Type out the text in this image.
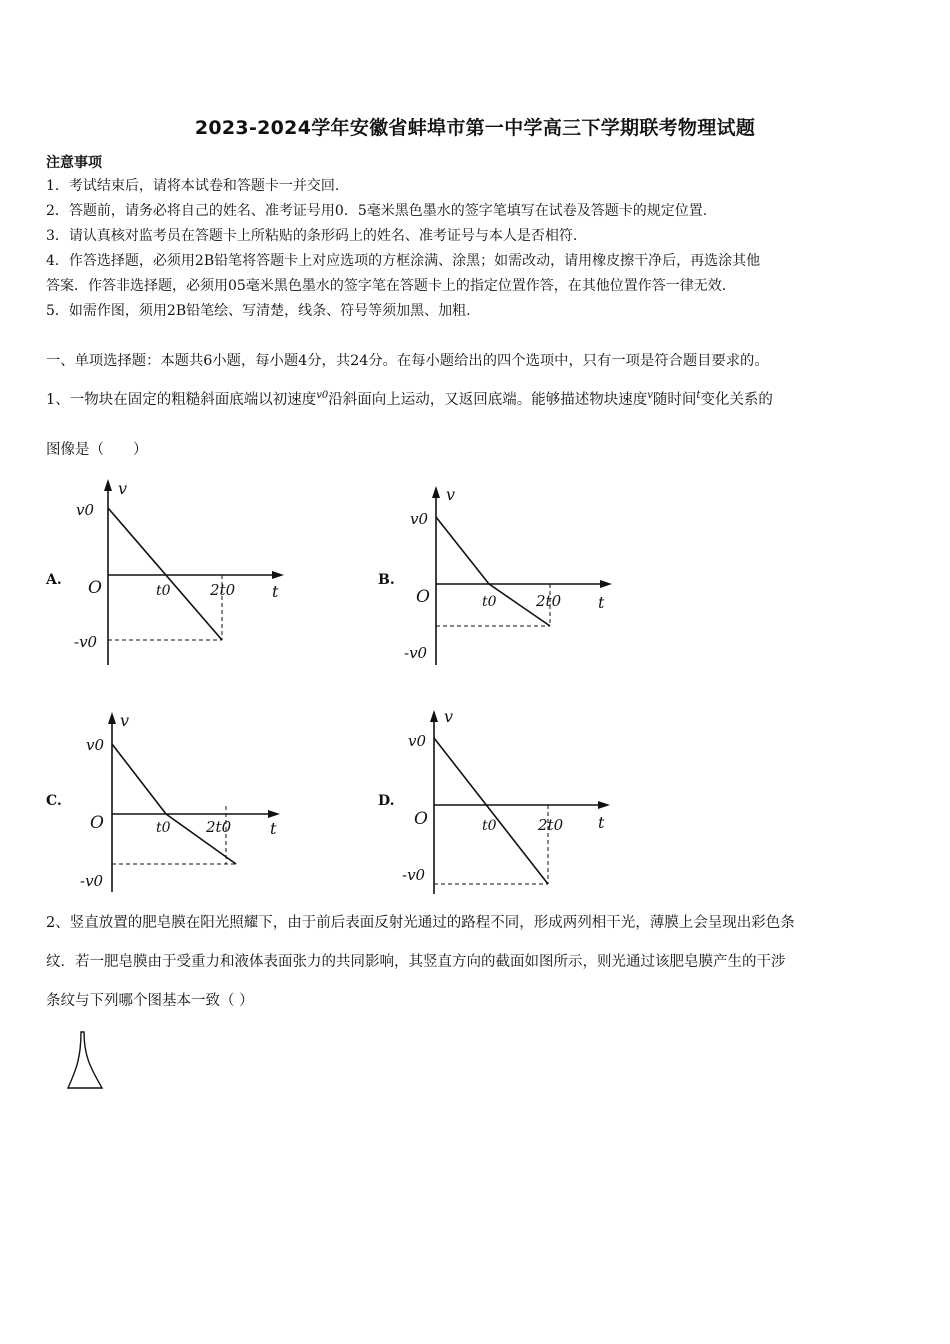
2023-2024学年安徽省蚌埠市第一中学高三下学期联考物理试题
注意事项
1．考试结束后，请将本试卷和答题卡一并交回.
2．答题前，请务必将自己的姓名、准考证号用0．5毫米黑色墨水的签字笔填写在试卷及答题卡的规定位置.
3．请认真核对监考员在答题卡上所粘贴的条形码上的姓名、准考证号与本人是否相符.
4．作答选择题，必须用2B铅笔将答题卡上对应选项的方框涂满、涂黑；如需改动，请用橡皮擦干净后，再选涂其他
答案．作答非选择题，必须用05毫米黑色墨水的签字笔在答题卡上的指定位置作答，在其他位置作答一律无效.
5．如需作图，须用2B铅笔绘、写清楚，线条、符号等须加黑、加粗.
一、单项选择题：本题共6小题，每小题4分，共24分。在每小题给出的四个选项中，只有一项是符合题目要求的。
1、一物块在固定的粗糙斜面底端以初速度$^{v0}$沿斜面向上运动，又返回底端。能够描述物块速度$^v$随时间$^t$变化关系的
图像是（　　）
A.	B.
C.	D.
v
v0
O	t0	2t0 t
-v0
v
v0
O	t0	2t0 t
-v0
v
v0
O	t0 2t0 t
-v0
v
v0
O	t0	2t0 t
-v0
2、竖直放置的肥皂膜在阳光照耀下，由于前后表面反射光通过的路程不同，形成两列相干光，薄膜上会呈现出彩色条
纹．若一肥皂膜由于受重力和液体表面张力的共同影响，其竖直方向的截面如图所示，则光通过该肥皂膜产生的干涉
条纹与下列哪个图基本一致（ ）
